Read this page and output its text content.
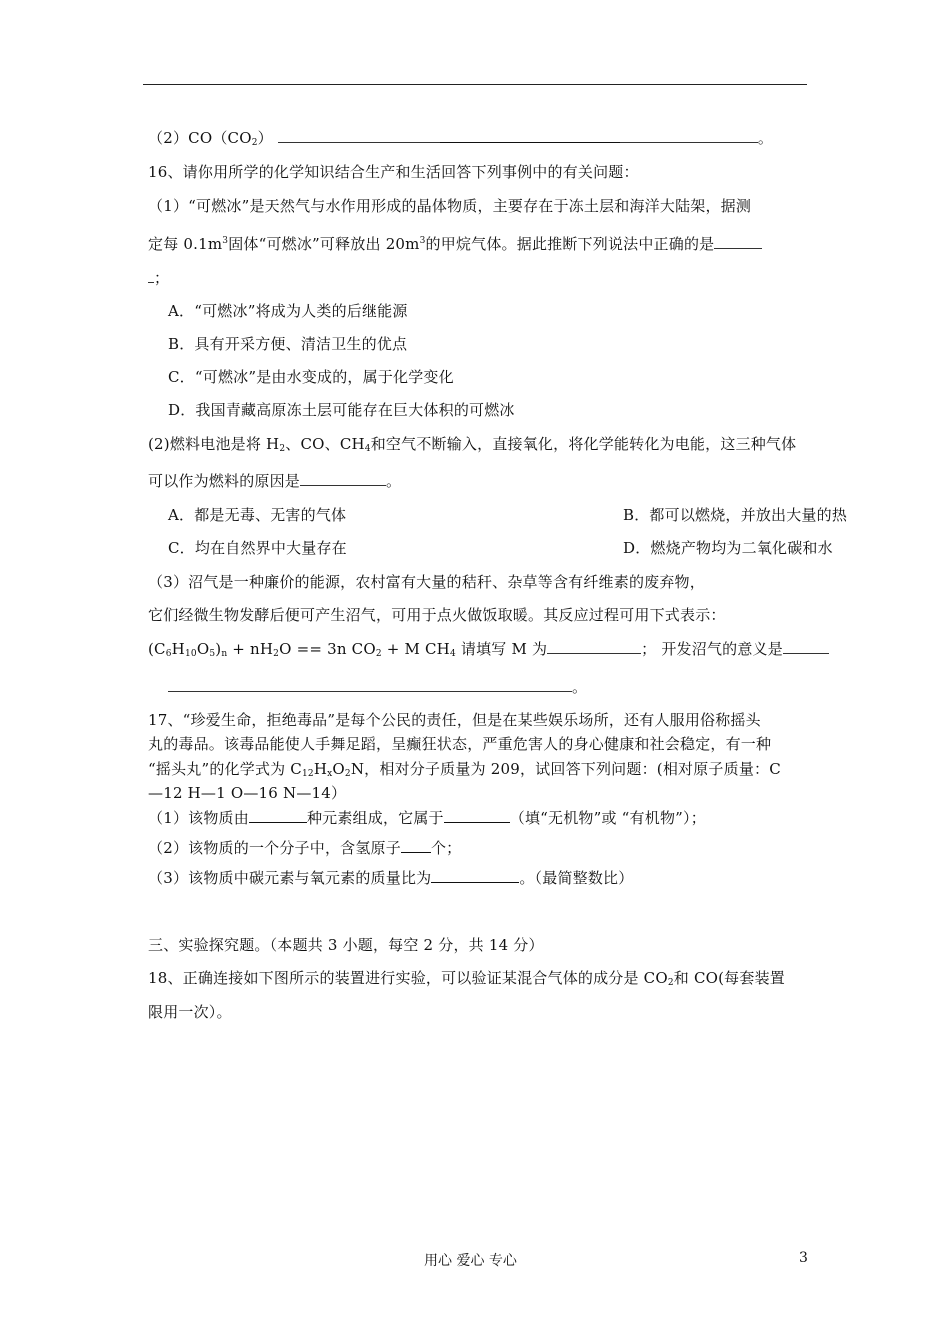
$(2)CO(CO_2)$	。
16、请你用所学的化学知识结合生产和生活回答下列事例中的有关问题：
（1）“可燃冰”是天然气与水作用形成的晶体物质，主要存在于冻土层和海洋大陆架，据测
定每 $0.1m^3$固体“可燃冰”可释放出 $20m^3$的甲烷气体。据此推断下列说法中正确的是
；
A．“可燃冰”将成为人类的后继能源
B．具有开采方便、清洁卫生的优点
C．“可燃冰”是由水变成的，属于化学变化
D．我国青藏高原冻土层可能存在巨大体积的可燃冰
(2)燃料电池是将 $H_2$、CO、$CH_4$和空气不断输入，直接氧化，将化学能转化为电能，这三种气体
可以作为燃料的原因是	。
A．都是无毒、无害的气体	B．都可以燃烧，并放出大量的热
C．均在自然界中大量存在	D．燃烧产物均为二氧化碳和水
（3）沼气是一种廉价的能源，农村富有大量的秸秆、杂草等含有纤维素的废弃物，
它们经微生物发酵后便可产生沼气，可用于点火做饭取暖。其反应过程可用下式表示：
$(C_6H_{10}O_5)_n + nH_2O == 3n$ $CO_2 + M$ $CH_4$ 请填写 M 为	； 开发沼气的意义是
。
17、“珍爱生命，拒绝毒品”是每个公民的责任，但是在某些娱乐场所，还有人服用俗称摇头
丸的毒品。该毒品能使人手舞足蹈，呈癫狂状态，严重危害人的身心健康和社会稳定，有一种
“摇头丸”的化学式为 $C_{12}H_xO_2N$，相对分子质量为 209，试回答下列问题：(相对原子质量：C
—12 H—1 O—16 N—14）
（1）该物质由	种元素组成，它属于	（填“无机物”或 “有机物”）；
（2）该物质的一个分子中，含氢原子 个；
（3）该物质中碳元素与氧元素的质量比为	。（最简整数比）
三、实验探究题。（本题共 3 小题，每空 2 分，共 14 分）
18、正确连接如下图所示的装置进行实验，可以验证某混合气体的成分是 $CO_2$和 CO(每套装置
限用一次）。
用心 爱心 专心	3
